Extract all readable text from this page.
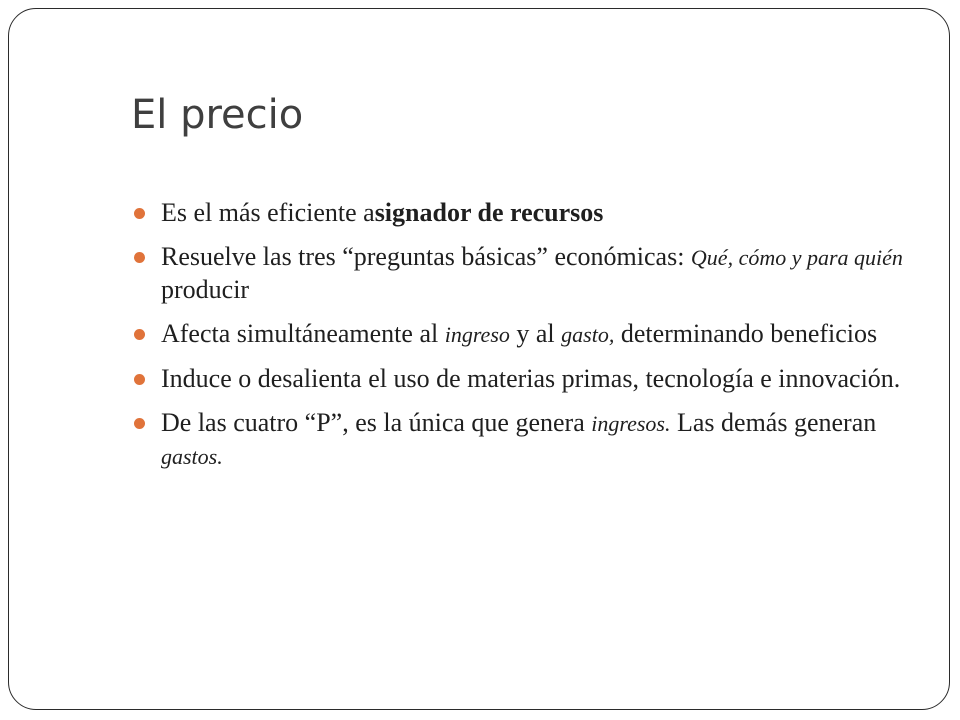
El precio
Es el más eficiente asignador de recursos
Resuelve las tres “preguntas básicas” económicas: Qué, cómo y para quién producir
Afecta simultáneamente al ingreso y al gasto, determinando beneficios
Induce o desalienta el uso de materias primas, tecnología e innovación.
De las cuatro “P”, es la única que genera ingresos. Las demás generan gastos.
